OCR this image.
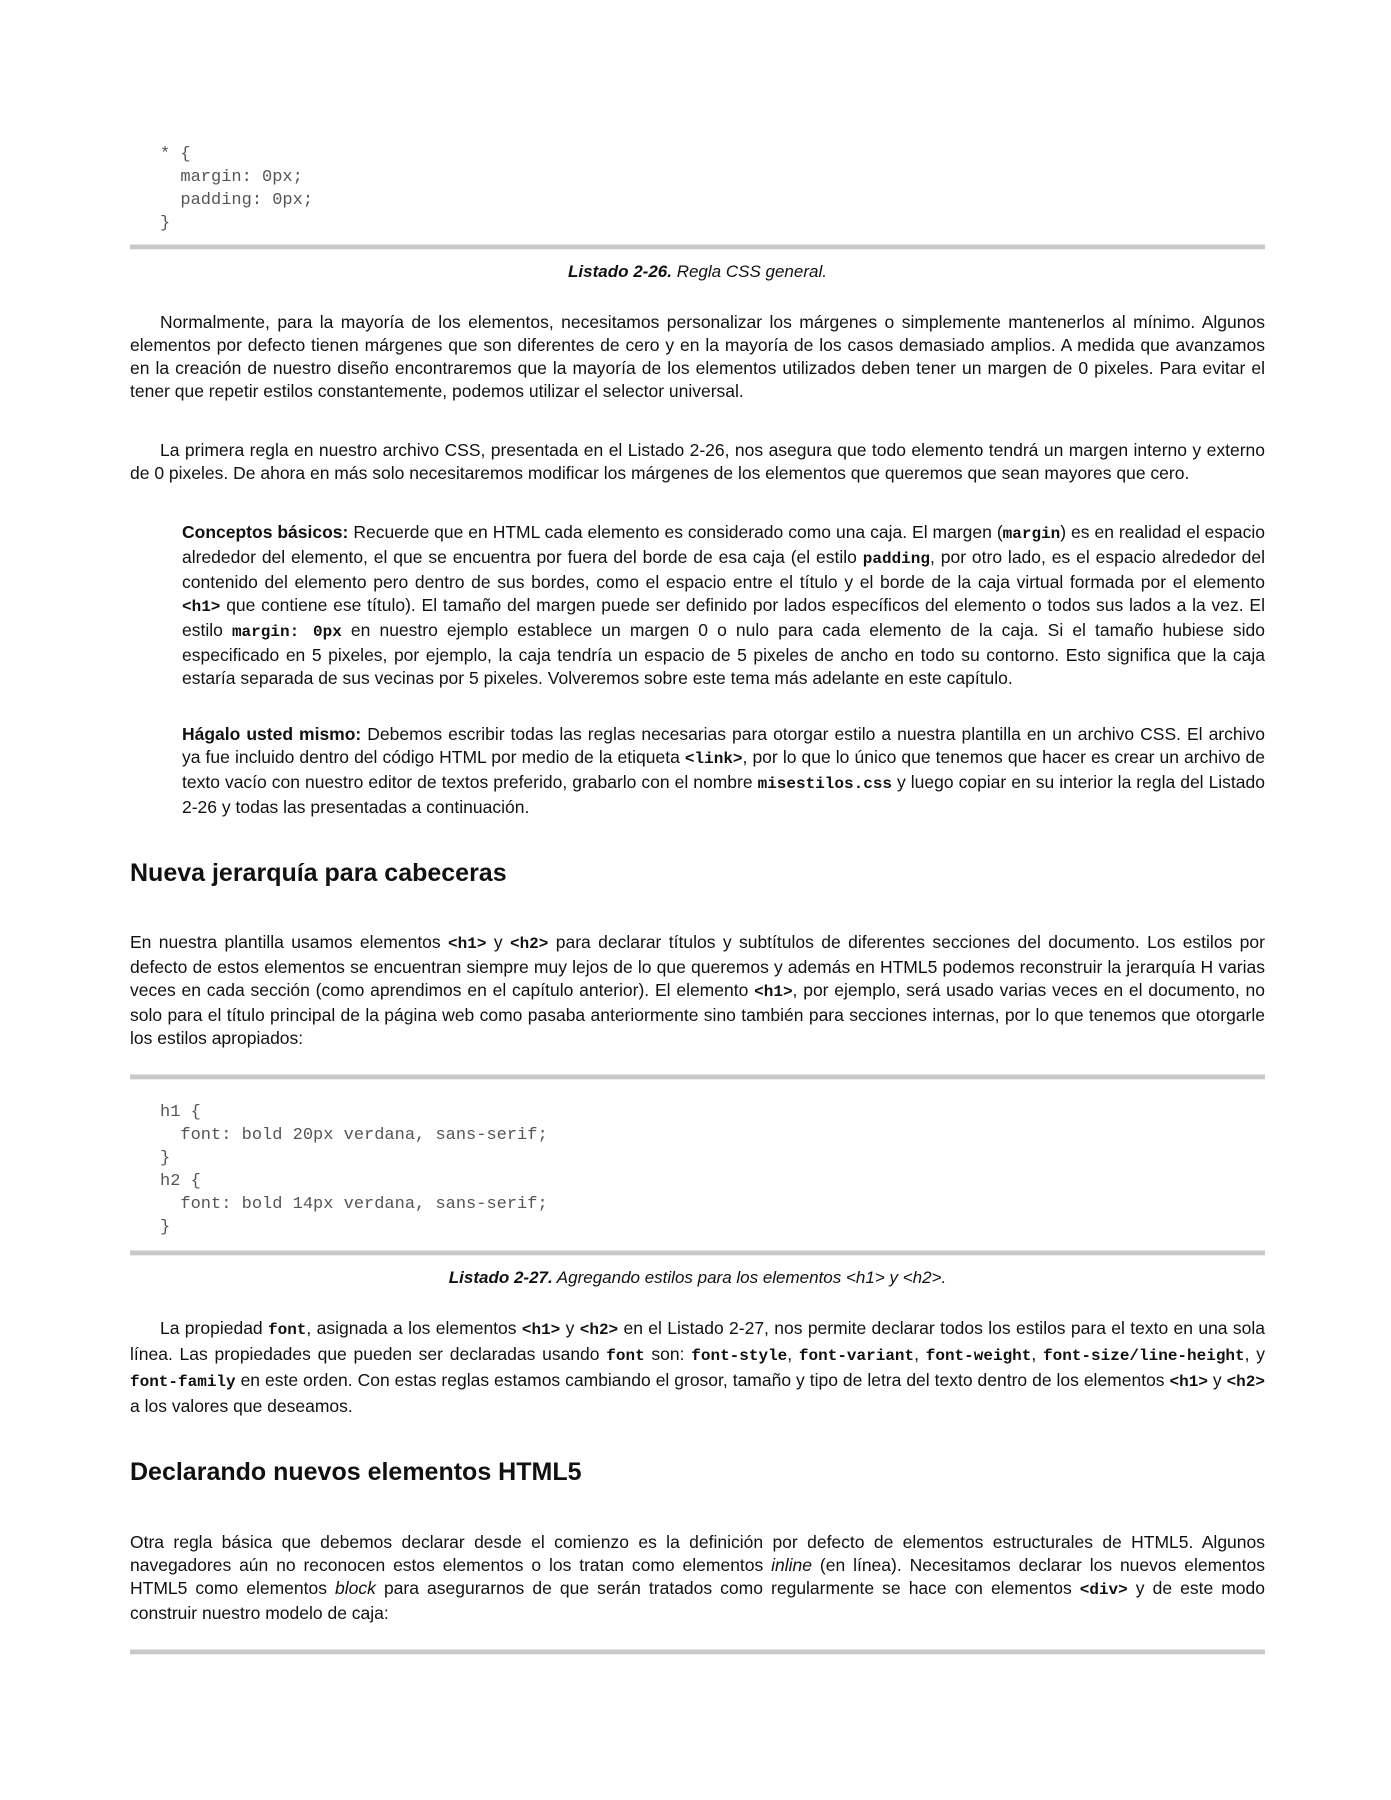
* {
margin: 0px;
padding: 0px;
}
Listado 2-26. Regla CSS general.

Normalmente, para la mayoría de los elementos, necesitamos personalizar los márgenes o simplemente mantenerlos al mínimo. Algunos elementos por defecto tienen márgenes que son diferentes de cero y en la mayoría de los casos demasiado amplios. A medida que avanzamos en la creación de nuestro diseño encontraremos que la mayoría de los elementos utilizados deben tener un margen de 0 pixeles. Para evitar el tener que repetir estilos constantemente, podemos utilizar el selector universal.

La primera regla en nuestro archivo CSS, presentada en el Listado 2-26, nos asegura que todo elemento tendrá un margen interno y externo de 0 pixeles. De ahora en más solo necesitaremos modificar los márgenes de los elementos que queremos que sean mayores que cero.

Conceptos básicos: Recuerde que en HTML cada elemento es considerado como una caja. El margen (margin) es en realidad el espacio alrededor del elemento, el que se encuentra por fuera del borde de esa caja (el estilo padding, por otro lado, es el espacio alrededor del contenido del elemento pero dentro de sus bordes, como el espacio entre el título y el borde de la caja virtual formada por el elemento <h1> que contiene ese título). El tamaño del margen puede ser definido por lados específicos del elemento o todos sus lados a la vez. El estilo margin: 0px en nuestro ejemplo establece un margen 0 o nulo para cada elemento de la caja. Si el tamaño hubiese sido especificado en 5 pixeles, por ejemplo, la caja tendría un espacio de 5 pixeles de ancho en todo su contorno. Esto significa que la caja estaría separada de sus vecinas por 5 pixeles. Volveremos sobre este tema más adelante en este capítulo.

Hágalo usted mismo: Debemos escribir todas las reglas necesarias para otorgar estilo a nuestra plantilla en un archivo CSS. El archivo ya fue incluido dentro del código HTML por medio de la etiqueta <link>, por lo que lo único que tenemos que hacer es crear un archivo de texto vacío con nuestro editor de textos preferido, grabarlo con el nombre misestilos.css y luego copiar en su interior la regla del Listado 2-26 y todas las presentadas a continuación.

Nueva jerarquía para cabeceras

En nuestra plantilla usamos elementos <h1> y <h2> para declarar títulos y subtítulos de diferentes secciones del documento. Los estilos por defecto de estos elementos se encuentran siempre muy lejos de lo que queremos y además en HTML5 podemos reconstruir la jerarquía H varias veces en cada sección (como aprendimos en el capítulo anterior). El elemento <h1>, por ejemplo, será usado varias veces en el documento, no solo para el título principal de la página web como pasaba anteriormente sino también para secciones internas, por lo que tenemos que otorgarle los estilos apropiados:

h1 {
font: bold 20px verdana, sans-serif;
}
h2 {
font: bold 14px verdana, sans-serif;
}
Listado 2-27. Agregando estilos para los elementos <h1> y <h2>.

La propiedad font, asignada a los elementos <h1> y <h2> en el Listado 2-27, nos permite declarar todos los estilos para el texto en una sola línea. Las propiedades que pueden ser declaradas usando font son: font-style, font-variant, font-weight, font-size/line-height, y font-family en este orden. Con estas reglas estamos cambiando el grosor, tamaño y tipo de letra del texto dentro de los elementos <h1> y <h2> a los valores que deseamos.

Declarando nuevos elementos HTML5

Otra regla básica que debemos declarar desde el comienzo es la definición por defecto de elementos estructurales de HTML5. Algunos navegadores aún no reconocen estos elementos o los tratan como elementos inline (en línea). Necesitamos declarar los nuevos elementos HTML5 como elementos block para asegurarnos de que serán tratados como regularmente se hace con elementos <div> y de este modo construir nuestro modelo de caja:
